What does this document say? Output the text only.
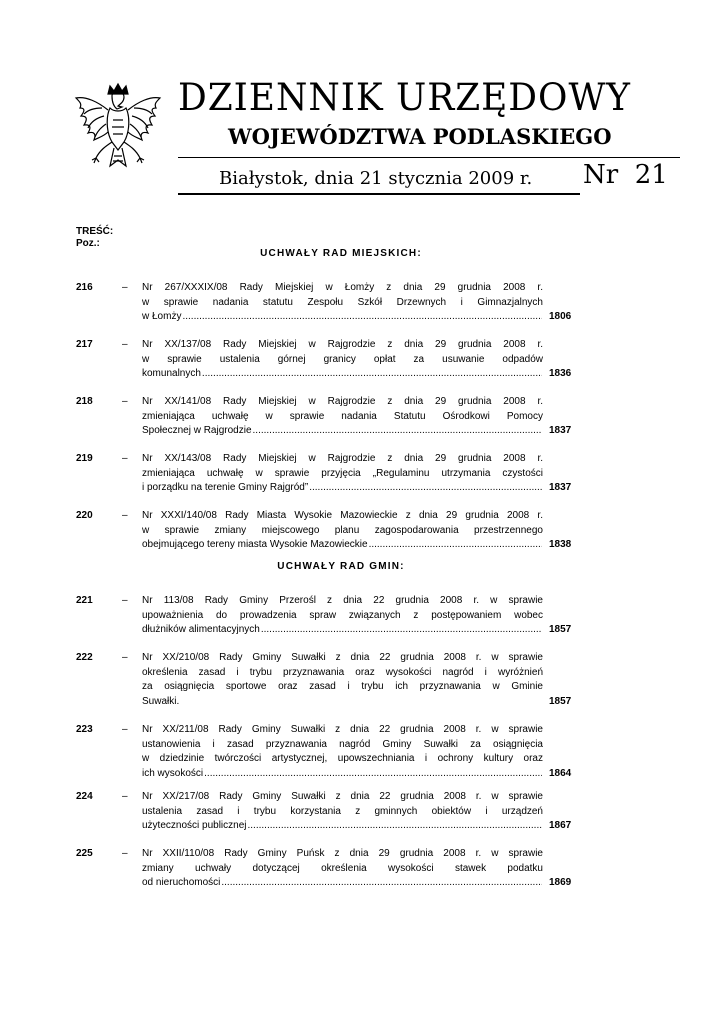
DZIENNIK URZĘDOWY
WOJEWÓDZTWA PODLASKIEGO
Białystok, dnia 21 stycznia 2009 r. Nr  21
TREŚĆ:
Poz.:
UCHWAŁY RAD MIEJSKICH:
216	– Nr 267/XXXIX/08 Rady Miejskiej w Łomży z dnia 29 grudnia 2008 r.
w sprawie nadania statutu Zespołu Szkół Drzewnych i Gimnazjalnych
w Łomży .....	1806
217	– Nr XX/137/08 Rady Miejskiej w Rajgrodzie z dnia 29 grudnia 2008 r.
w sprawie ustalenia górnej granicy opłat za usuwanie odpadów
komunalnych .....	1836
218	– Nr XX/141/08 Rady Miejskiej w Rajgrodzie z dnia 29 grudnia 2008 r.
zmieniająca uchwałę w sprawie nadania Statutu Ośrodkowi Pomocy
Społecznej w Rajgrodzie .....	1837
219	– Nr XX/143/08 Rady Miejskiej w Rajgrodzie z dnia 29 grudnia 2008 r.
zmieniająca uchwałę w sprawie przyjęcia „Regulaminu utrzymania czystości
i porządku na terenie Gminy Rajgród” .....	1837
220	– Nr XXXI/140/08 Rady Miasta Wysokie Mazowieckie z dnia 29 grudnia 2008 r.
w sprawie zmiany miejscowego planu zagospodarowania przestrzennego
obejmującego tereny miasta Wysokie Mazowieckie .....	1838
UCHWAŁY RAD GMIN:
221	– Nr 113/08 Rady Gminy Przerośl z dnia 22 grudnia 2008 r. w sprawie
upoważnienia do prowadzenia spraw związanych z postępowaniem wobec
dłużników alimentacyjnych .....	1857
222	– Nr XX/210/08 Rady Gminy Suwałki z dnia 22 grudnia 2008 r. w sprawie
określenia zasad i trybu przyznawania oraz wysokości nagród i wyróżnień
za osiągnięcia sportowe oraz zasad i trybu ich przyznawania w Gminie
Suwałki.	1857
223	– Nr XX/211/08 Rady Gminy Suwałki z dnia 22 grudnia 2008 r. w sprawie
ustanowienia i zasad przyznawania nagród Gminy Suwałki za osiągnięcia
w dziedzinie twórczości artystycznej, upowszechniania i ochrony kultury oraz
ich wysokości .....	1864
224	– Nr XX/217/08 Rady Gminy Suwałki z dnia 22 grudnia 2008 r. w sprawie
ustalenia zasad i trybu korzystania z gminnych obiektów i urządzeń
użyteczności publicznej .....	1867
225	– Nr XXII/110/08 Rady Gminy Puńsk z dnia 29 grudnia 2008 r. w sprawie
zmiany uchwały dotyczącej określenia wysokości stawek podatku
od nieruchomości .....	1869
